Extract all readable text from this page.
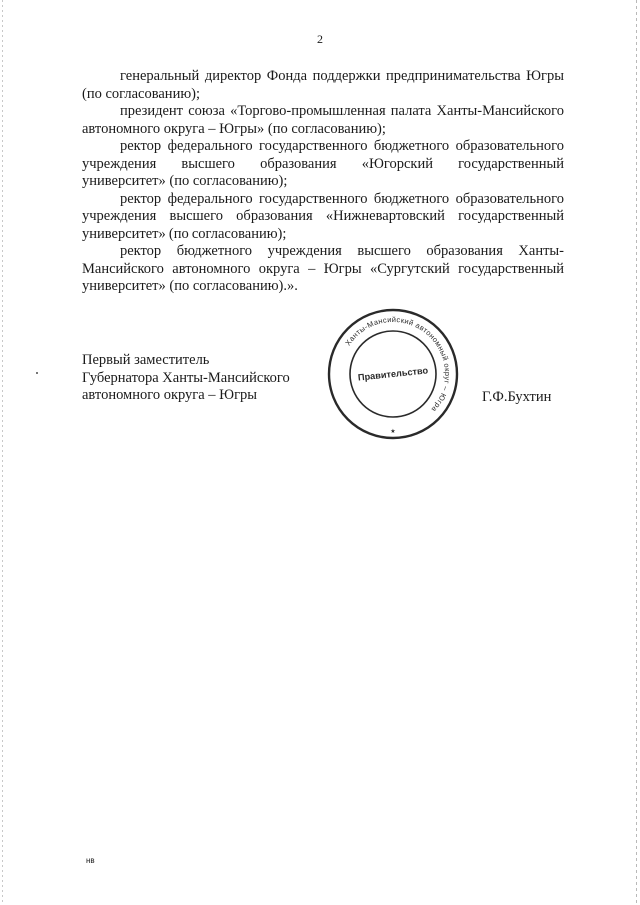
2

генеральный директор Фонда поддержки предпринимательства Югры (по согласованию);

президент союза «Торгово-промышленная палата Ханты-Мансийского автономного округа – Югры» (по согласованию);

ректор федерального государственного бюджетного образовательного учреждения высшего образования «Югорский государственный университет» (по согласованию);

ректор федерального государственного бюджетного образовательного учреждения высшего образования «Нижневартовский государственный университет» (по согласованию);

ректор бюджетного учреждения высшего образования Ханты-Мансийского автономного округа – Югры «Сургутский государственный университет» (по согласованию).».

Первый заместитель
Губернатора Ханты-Мансийского
автономного округа – Югры
Ханты-Мансийский автономный округ – Югра
Правительство
★
Г.Ф.Бухтин
нв
